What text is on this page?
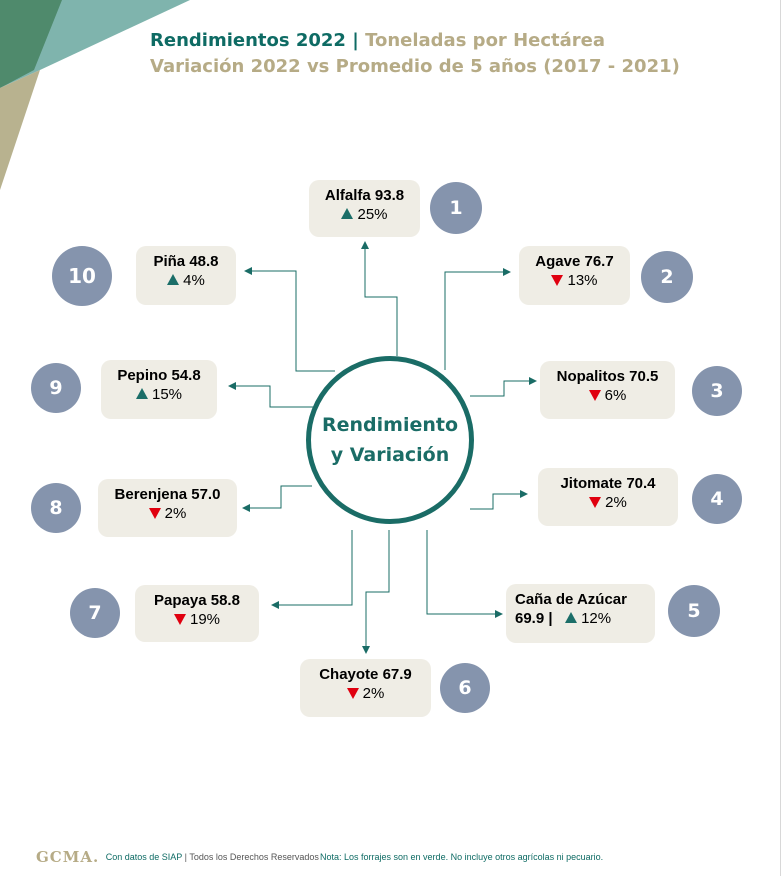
Rendimientos 2022 | Toneladas por Hectárea
Variación 2022 vs Promedio de 5 años (2017 - 2021)
Rendimiento
y Variación
Alfalfa 93.8
25%	1
Agave 76.7
13%	2
Nopalitos 70.5
6%	3
Jitomate 70.4
2%	4
Caña de Azúcar
69.9 | 12%	5
Chayote 67.9
2%	6
Papaya 58.8
19%
7
Berenjena 57.0
2%
8
Pepino 54.8
15%
9
Piña 48.8
4%
10
GCMA. Con datos de SIAP | Todos los Derechos Reservados Nota: Los forrajes son en verde. No incluye otros agrícolas ni pecuario.
